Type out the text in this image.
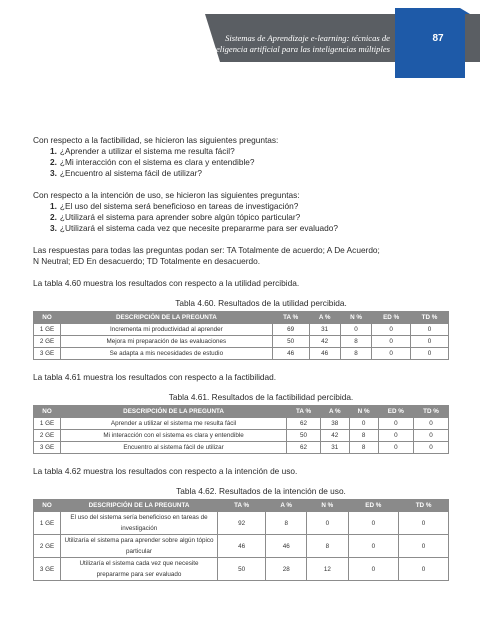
Sistemas de Aprendizaje e-learning: técnicas de
inteligencia artificial para las inteligencias múltiples
87

Con respecto a la factibilidad, se hicieron las siguientes preguntas:

1. ¿Aprender a utilizar el sistema me resulta fácil?
2. ¿Mi interacción con el sistema es clara y entendible?
3. ¿Encuentro al sistema fácil de utilizar?

Con respecto a la intención de uso, se hicieron las siguientes preguntas:

1. ¿El uso del sistema será beneficioso en tareas de investigación?
2. ¿Utilizará el sistema para aprender sobre algún tópico particular?
3. ¿Utilizará el sistema cada vez que necesite prepararme para ser evaluado?

Las respuestas para todas las preguntas podan ser: TA Totalmente de acuerdo; A De Acuerdo;

N Neutral; ED En desacuerdo; TD Totalmente en desacuerdo.

La tabla 4.60 muestra los resultados con respecto a la utilidad percibida.

Tabla 4.60. Resultados de la utilidad percibida.

NO	DESCRIPCIÓN DE LA PREGUNTA	TA %	A %	N %	ED %	TD %
1 GE	Incrementa mi productividad al aprender	69	31	0	0	0
2 GE	Mejora mi preparación de las evaluaciones	50	42	8	0	0
3 GE	Se adapta a mis necesidades de estudio	46	46	8	0	0

La tabla 4.61 muestra los resultados con respecto a la factibilidad.

Tabla 4.61. Resultados de la factibilidad percibida.

NO	DESCRIPCIÓN DE LA PREGUNTA	TA %	A %	N %	ED %	TD %
1 GE	Aprender a utilizar el sistema me resulta fácil	62	38	0	0	0
2 GE	Mi interacción con el sistema es clara y entendible	50	42	8	0	0
3 GE	Encuentro al sistema fácil de utilizar	62	31	8	0	0

La tabla 4.62 muestra los resultados con respecto a la intención de uso.

Tabla 4.62. Resultados de la intención de uso.

NO	DESCRIPCIÓN DE LA PREGUNTA	TA %	A %	N %	ED %	TD %
1 GE	El uso del sistema sería beneficioso en tareas de investigación	92	8	0	0	0
2 GE	Utilizaría el sistema para aprender sobre algún tópico particular	46	46	8	0	0
3 GE	Utilizaría el sistema cada vez que necesite prepararme para ser evaluado	50	28	12	0	0
